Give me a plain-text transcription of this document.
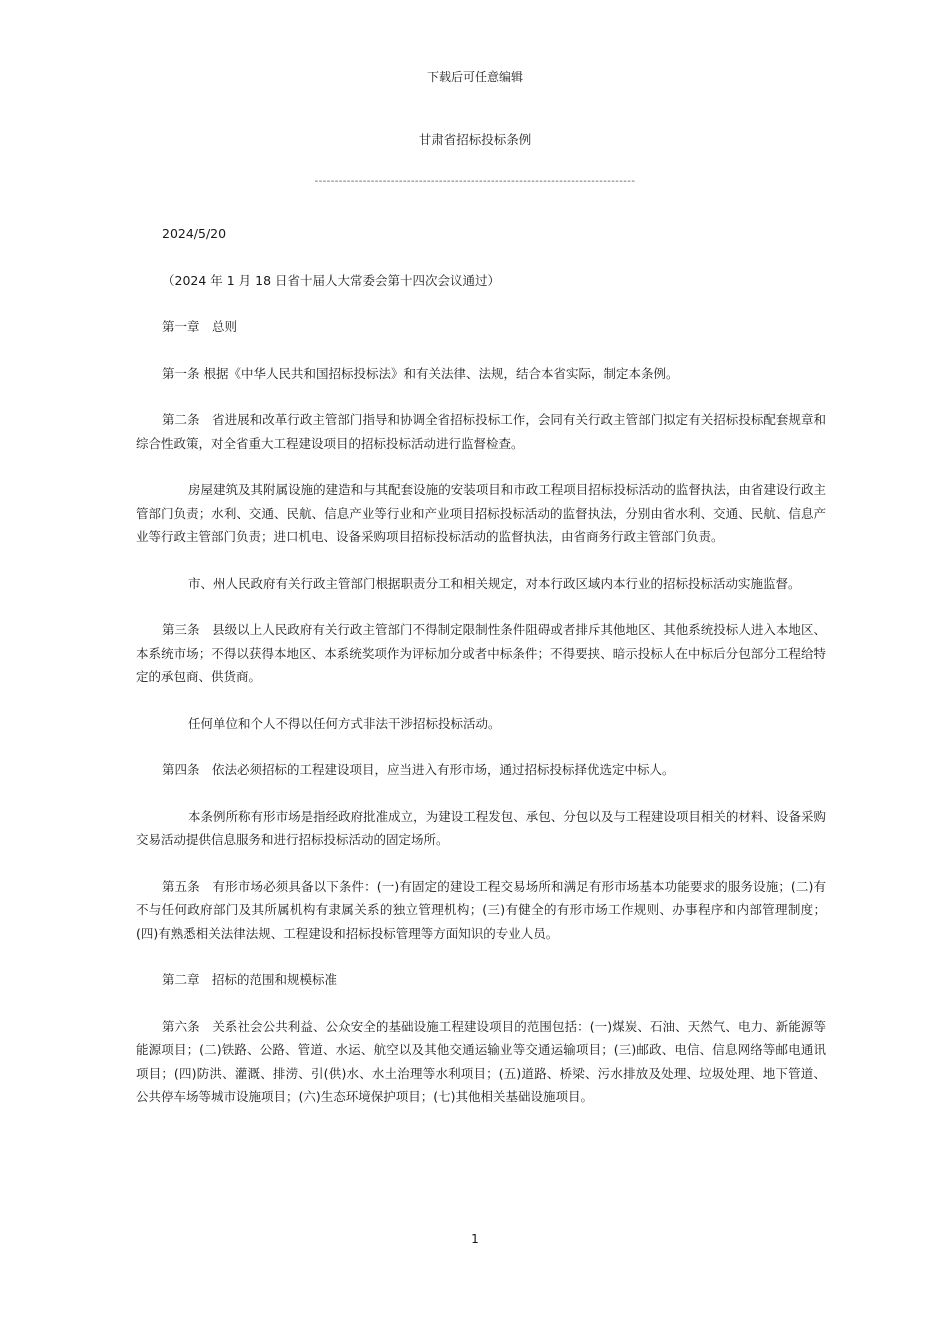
下载后可任意编辑
甘肃省招标投标条例
--------------------------------------------------------------------------------

2024/5/20

（2024 年 1 月 18 日省十届人大常委会第十四次会议通过）

第一章　总则

第一条 根据《中华人民共和国招标投标法》和有关法律、法规，结合本省实际，制定本条例。

第二条　省进展和改革行政主管部门指导和协调全省招标投标工作，会同有关行政主管部门拟定有关招标投标配套规章和综合性政策，对全省重大工程建设项目的招标投标活动进行监督检查。

房屋建筑及其附属设施的建造和与其配套设施的安装项目和市政工程项目招标投标活动的监督执法，由省建设行政主管部门负责；水利、交通、民航、信息产业等行业和产业项目招标投标活动的监督执法，分别由省水利、交通、民航、信息产业等行政主管部门负责；进口机电、设备采购项目招标投标活动的监督执法，由省商务行政主管部门负责。

市、州人民政府有关行政主管部门根据职责分工和相关规定，对本行政区域内本行业的招标投标活动实施监督。

第三条　县级以上人民政府有关行政主管部门不得制定限制性条件阻碍或者排斥其他地区、其他系统投标人进入本地区、本系统市场；不得以获得本地区、本系统奖项作为评标加分或者中标条件；不得要挟、暗示投标人在中标后分包部分工程给特定的承包商、供货商。

任何单位和个人不得以任何方式非法干涉招标投标活动。

第四条　依法必须招标的工程建设项目，应当进入有形市场，通过招标投标择优选定中标人。

本条例所称有形市场是指经政府批准成立，为建设工程发包、承包、分包以及与工程建设项目相关的材料、设备采购交易活动提供信息服务和进行招标投标活动的固定场所。

第五条　有形市场必须具备以下条件：(一)有固定的建设工程交易场所和满足有形市场基本功能要求的服务设施；(二)有不与任何政府部门及其所属机构有隶属关系的独立管理机构；(三)有健全的有形市场工作规则、办事程序和内部管理制度；(四)有熟悉相关法律法规、工程建设和招标投标管理等方面知识的专业人员。

第二章　招标的范围和规模标准

第六条　关系社会公共利益、公众安全的基础设施工程建设项目的范围包括：(一)煤炭、石油、天然气、电力、新能源等能源项目；(二)铁路、公路、管道、水运、航空以及其他交通运输业等交通运输项目；(三)邮政、电信、信息网络等邮电通讯项目；(四)防洪、灌溉、排涝、引(供)水、水土治理等水利项目；(五)道路、桥梁、污水排放及处理、垃圾处理、地下管道、公共停车场等城市设施项目；(六)生态环境保护项目；(七)其他相关基础设施项目。

1
